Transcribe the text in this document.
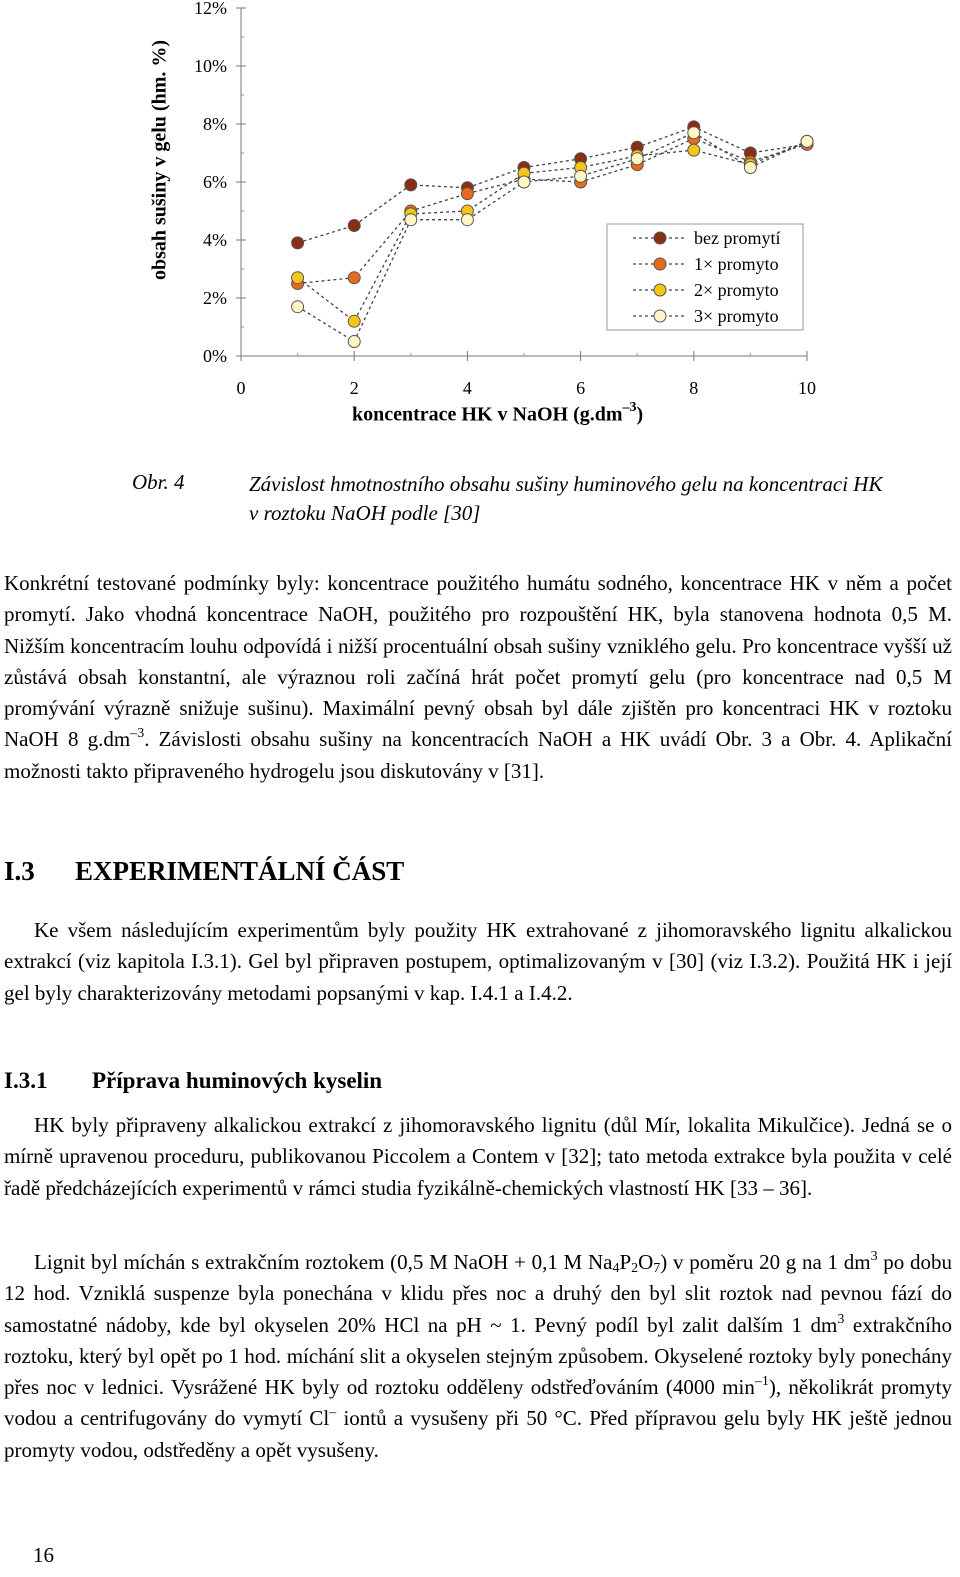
0%
2%
4%
6%
8%
10%
12%
0	2	4	6	8	10
bez promytí
1× promyto
2× promyto
3× promyto
obsah sušiny v gelu (hm. %)
koncentrace HK v NaOH $(g.dm^{-3})$
Obr. 4	Závislost hmotnostního obsahu sušiny huminového gelu na koncentraci HK v roztoku NaOH podle [30]
Konkrétní testované podmínky byly: koncentrace použitého humátu sodného, koncentrace HK v něm a počet promytí. Jako vhodná koncentrace NaOH, použitého pro rozpouštění HK, byla stanovena hodnota 0,5 M. Nižším koncentracím louhu odpovídá i nižší procentuální obsah sušiny vzniklého gelu. Pro koncentrace vyšší už zůstává obsah konstantní, ale výraznou roli začíná hrát počet promytí gelu (pro koncentrace nad 0,5 M promývání výrazně snižuje sušinu). Maximální pevný obsah byl dále zjištěn pro koncentraci HK v roztoku NaOH 8 $g.dm^{-3}$. Závislosti obsahu sušiny na koncentracích NaOH a HK uvádí Obr. 3 a Obr. 4. Aplikační možnosti takto připraveného hydrogelu jsou diskutovány v [31].
I.3 EXPERIMENTÁLNÍ ČÁST
Ke všem následujícím experimentům byly použity HK extrahované z jihomoravského lignitu alkalickou extrakcí (viz kapitola I.3.1). Gel byl připraven postupem, optimalizovaným v [30] (viz I.3.2). Použitá HK i její gel byly charakterizovány metodami popsanými v kap. I.4.1 a I.4.2.
I.3.1 Příprava huminových kyselin
HK byly připraveny alkalickou extrakcí z jihomoravského lignitu (důl Mír, lokalita Mikulčice). Jedná se o mírně upravenou proceduru, publikovanou Piccolem a Contem v [32]; tato metoda extrakce byla použita v celé řadě předcházejících experimentů v rámci studia fyzikálně-chemických vlastností HK [33 – 36].
Lignit byl míchán s extrakčním roztokem (0,5 M NaOH + 0,1 M $Na_4P_2O_7$) v poměru 20 g na 1 $dm^3$ po dobu 12 hod. Vzniklá suspenze byla ponechána v klidu přes noc a druhý den byl slit roztok nad pevnou fází do samostatné nádoby, kde byl okyselen 20% HCl na pH ~ 1. Pevný podíl byl zalit dalším 1 $dm^3$ extrakčního roztoku, který byl opět po 1 hod. míchání slit a okyselen stejným způsobem. Okyselené roztoky byly ponechány přes noc v lednici. Vysrážené HK byly od roztoku odděleny odstřeďováním (4000 $\min^{-1}$), několikrát promyty vodou a centrifugovány do vymytí Cl– iontů a vysušeny při 50 °C. Před přípravou gelu byly HK ještě jednou promyty vodou, odstředěny a opět vysušeny.
16
